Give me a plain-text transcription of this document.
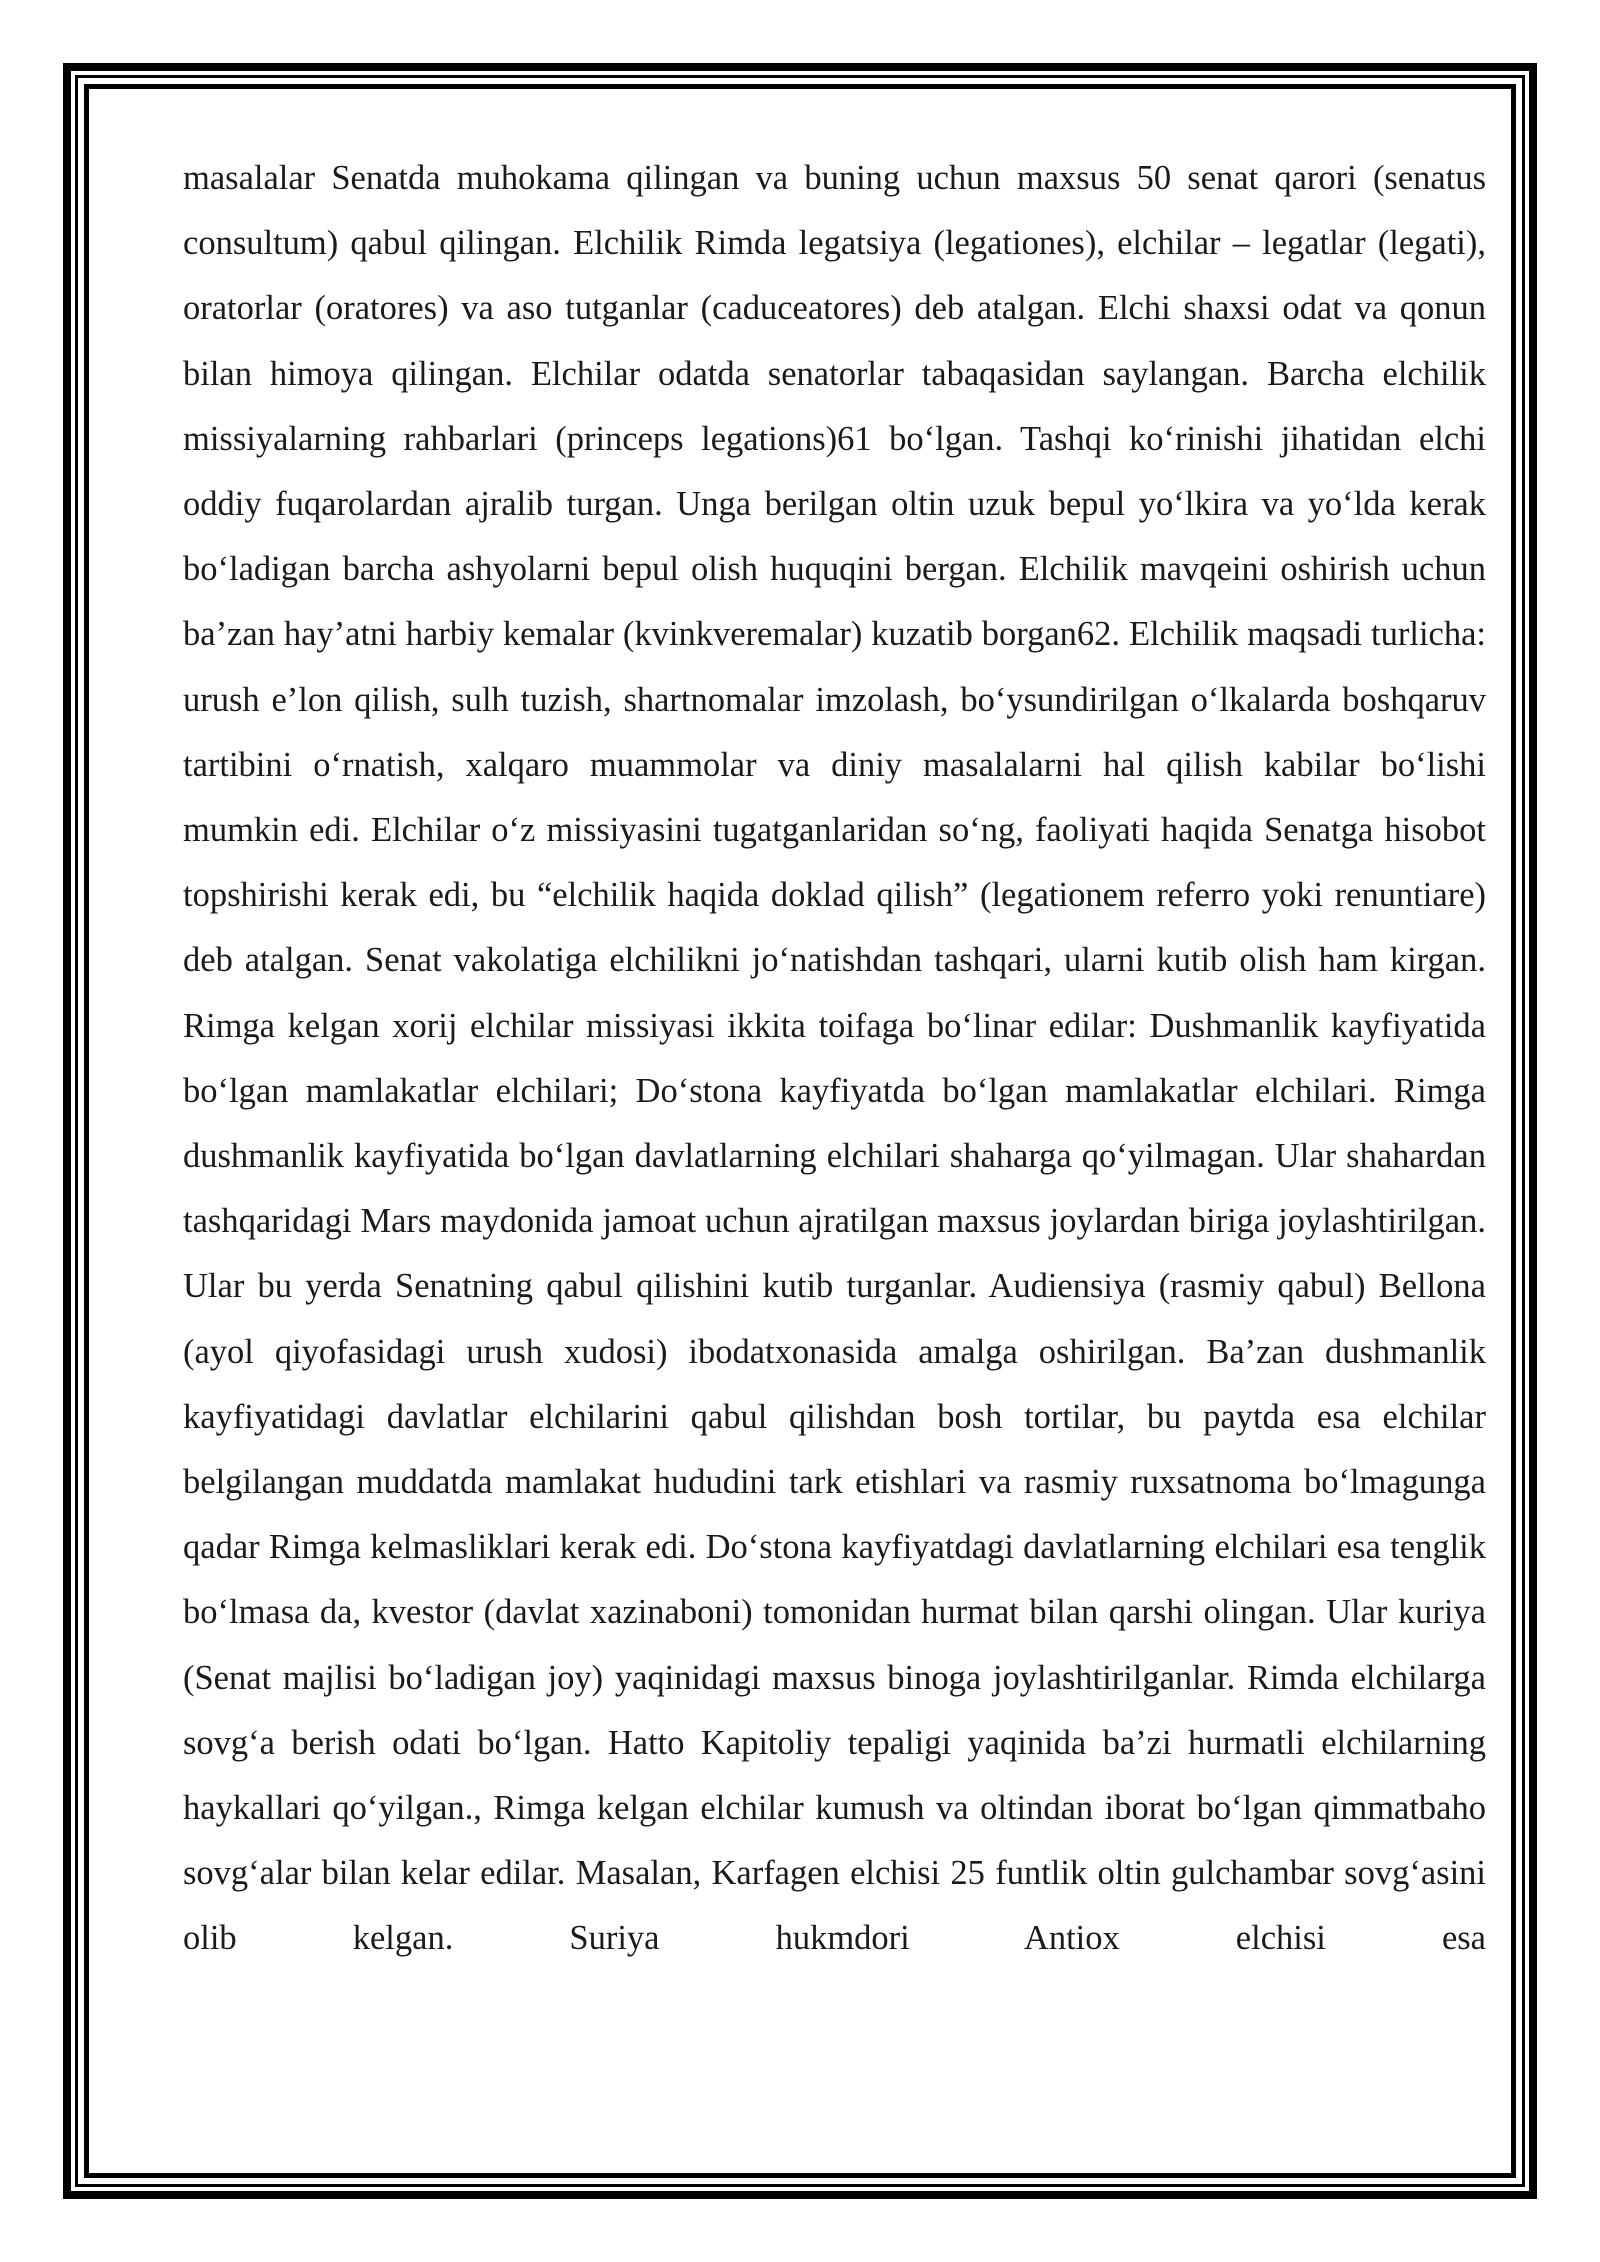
masalalar Senatda muhokama qilingan va buning uchun maxsus 50 senat qarori (senatus consultum) qabul qilingan. Elchilik Rimda legatsiya (legationes), elchilar – legatlar (legati), oratorlar (oratores) va aso tutganlar (caduceatores) deb atalgan. Elchi shaxsi odat va qonun bilan himoya qilingan. Elchilar odatda senatorlar tabaqasidan saylangan. Barcha elchilik missiyalarning rahbarlari (princeps legations)61 bo‘lgan. Tashqi ko‘rinishi jihatidan elchi oddiy fuqarolardan ajralib turgan. Unga berilgan oltin uzuk bepul yo‘lkira va yo‘lda kerak bo‘ladigan barcha ashyolarni bepul olish huquqini bergan. Elchilik mavqeini oshirish uchun ba’zan hay’atni harbiy kemalar (kvinkveremalar) kuzatib borgan62. Elchilik maqsadi turlicha: urush e’lon qilish, sulh tuzish, shartnomalar imzolash, bo‘ysundirilgan o‘lkalarda boshqaruv tartibini o‘rnatish, xalqaro muammolar va diniy masalalarni hal qilish kabilar bo‘lishi mumkin edi. Elchilar o‘z missiyasini tugatganlaridan so‘ng, faoliyati haqida Senatga hisobot topshirishi kerak edi, bu “elchilik haqida doklad qilish” (legationem referro yoki renuntiare) deb atalgan. Senat vakolatiga elchilikni jo‘natishdan tashqari, ularni kutib olish ham kirgan. Rimga kelgan xorij elchilar missiyasi ikkita toifaga bo‘linar edilar: Dushmanlik kayfiyatida bo‘lgan mamlakatlar elchilari; Do‘stona kayfiyatda bo‘lgan mamlakatlar elchilari. Rimga dushmanlik kayfiyatida bo‘lgan davlatlarning elchilari shaharga qo‘yilmagan. Ular shahardan tashqaridagi Mars maydonida jamoat uchun ajratilgan maxsus joylardan biriga joylashtirilgan. Ular bu yerda Senatning qabul qilishini kutib turganlar. Audiensiya (rasmiy qabul) Bellona (ayol qiyofasidagi urush xudosi) ibodatxonasida amalga oshirilgan. Ba’zan dushmanlik kayfiyatidagi davlatlar elchilarini qabul qilishdan bosh tortilar, bu paytda esa elchilar belgilangan muddatda mamlakat hududini tark etishlari va rasmiy ruxsatnoma bo‘lmagunga qadar Rimga kelmasliklari kerak edi. Do‘stona kayfiyatdagi davlatlarning elchilari esa tenglik bo‘lmasa da, kvestor (davlat xazinaboni) tomonidan hurmat bilan qarshi olingan. Ular kuriya (Senat majlisi bo‘ladigan joy) yaqinidagi maxsus binoga joylashtirilganlar. Rimda elchilarga sovg‘a berish odati bo‘lgan. Hatto Kapitoliy tepaligi yaqinida ba’zi hurmatli elchilarning haykallari qo‘yilgan., Rimga kelgan elchilar kumush va oltindan iborat bo‘lgan qimmatbaho sovg‘alar bilan kelar edilar. Masalan, Karfagen elchisi 25 funtlik oltin gulchambar sovg‘asini olib kelgan. Suriya hukmdori Antiox elchisi esa
